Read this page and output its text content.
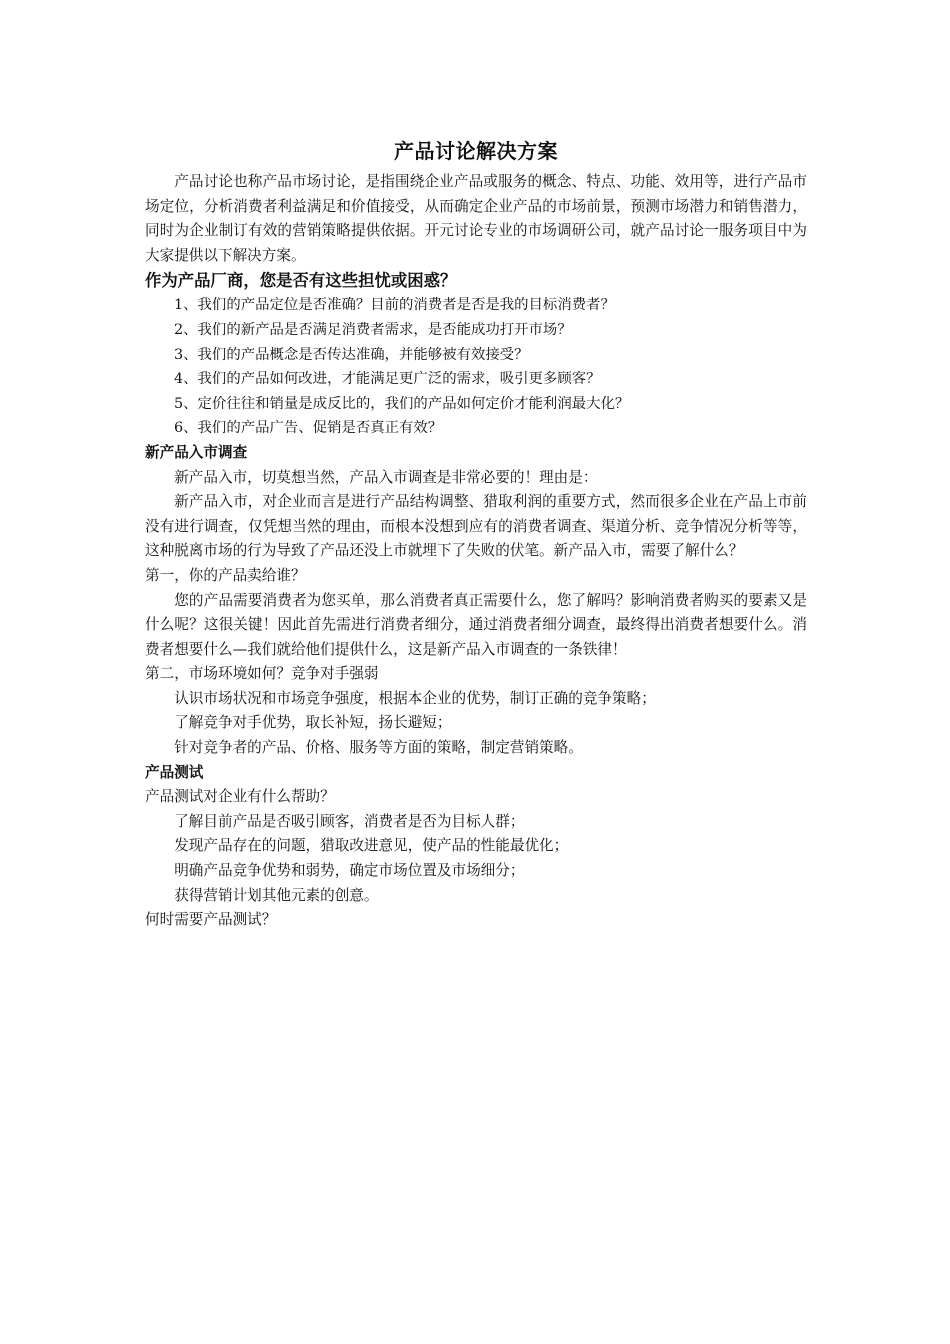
产品讨论解决方案

产品讨论也称产品市场讨论，是指围绕企业产品或服务的概念、特点、功能、效用等，进行产品市场定位，分析消费者利益满足和价值接受，从而确定企业产品的市场前景，预测市场潜力和销售潜力，同时为企业制订有效的营销策略提供依据。开元讨论专业的市场调研公司，就产品讨论一服务项目中为大家提供以下解决方案。

作为产品厂商，您是否有这些担忧或困惑？

1、我们的产品定位是否准确？目前的消费者是否是我的目标消费者？

2、我们的新产品是否满足消费者需求，是否能成功打开市场？

3、我们的产品概念是否传达准确，并能够被有效接受？

4、我们的产品如何改进，才能满足更广泛的需求，吸引更多顾客？

5、定价往往和销量是成反比的，我们的产品如何定价才能利润最大化？

6、我们的产品广告、促销是否真正有效？

新产品入市调查

新产品入市，切莫想当然，产品入市调查是非常必要的！理由是：

新产品入市，对企业而言是进行产品结构调整、猎取利润的重要方式，然而很多企业在产品上市前没有进行调查，仅凭想当然的理由，而根本没想到应有的消费者调查、渠道分析、竞争情况分析等等，这种脱离市场的行为导致了产品还没上市就埋下了失败的伏笔。新产品入市，需要了解什么？

第一，你的产品卖给谁？

您的产品需要消费者为您买单，那么消费者真正需要什么，您了解吗？影响消费者购买的要素又是什么呢？这很关键！因此首先需进行消费者细分，通过消费者细分调查，最终得出消费者想要什么。消费者想要什么—我们就给他们提供什么，这是新产品入市调查的一条铁律！

第二，市场环境如何？竞争对手强弱

认识市场状况和市场竞争强度，根据本企业的优势，制订正确的竞争策略；

了解竞争对手优势，取长补短，扬长避短；

针对竞争者的产品、价格、服务等方面的策略，制定营销策略。

产品测试

产品测试对企业有什么帮助？

了解目前产品是否吸引顾客，消费者是否为目标人群；

发现产品存在的问题，猎取改进意见，使产品的性能最优化；

明确产品竞争优势和弱势，确定市场位置及市场细分；

获得营销计划其他元素的创意。

何时需要产品测试？
